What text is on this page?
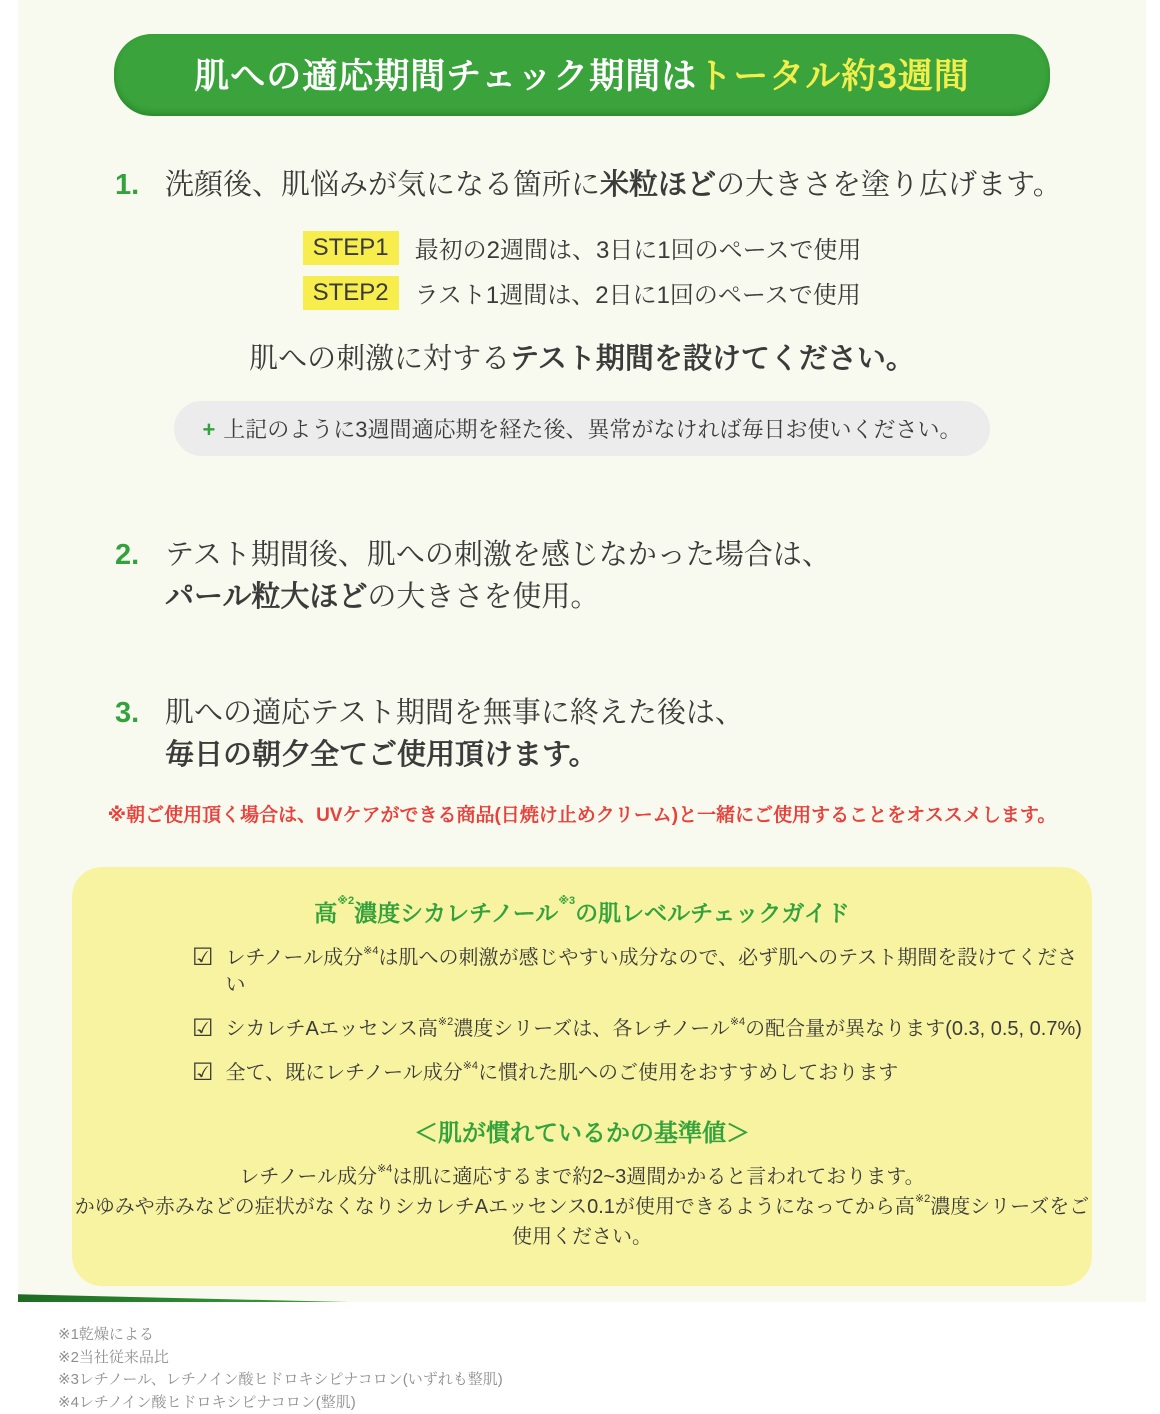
肌への適応期間チェック期間はトータル約3週間
1. 洗顔後、肌悩みが気になる箇所に米粒ほどの大きさを塗り広げます。
STEP1	最初の2週間は、3日に1回のペースで使用
STEP2	ラスト1週間は、2日に1回のペースで使用
肌への刺激に対するテスト期間を設けてください。
+ 上記のように3週間適応期を経た後、異常がなければ毎日お使いください。
2. テスト期間後、肌への刺激を感じなかった場合は、
パール粒大ほどの大きさを使用。
3. 肌への適応テスト期間を無事に終えた後は、
毎日の朝夕全てご使用頂けます。
※朝ご使用頂く場合は、UVケアができる商品(日焼け止めクリーム)と一緒にご使用することをオススメします。
高$^{※2}$濃度シカレチノール$^{※3}$の肌レベルチェックガイド
☑ レチノール成分$^{※4}$は肌への刺激が感じやすい成分なので、必ず肌へのテスト期間を設けてください
☑ シカレチAエッセンス高$^{※2}$濃度シリーズは、各レチノール$^{※4}$の配合量が異なります(0.3, 0.5, 0.7%)
☑ 全て、既にレチノール成分$^{※4}$に慣れた肌へのご使用をおすすめしております
＜肌が慣れているかの基準値＞
レチノール成分$^{※4}$は肌に適応するまで約2~3週間かかると言われております。
かゆみや赤みなどの症状がなくなりシカレチAエッセンス0.1が使用できるようになってから高$^{※2}$濃度シリーズをご使用ください。
※1乾燥による
※2当社従来品比
※3レチノール、レチノイン酸ヒドロキシピナコロン(いずれも整肌)
※4レチノイン酸ヒドロキシピナコロン(整肌)
